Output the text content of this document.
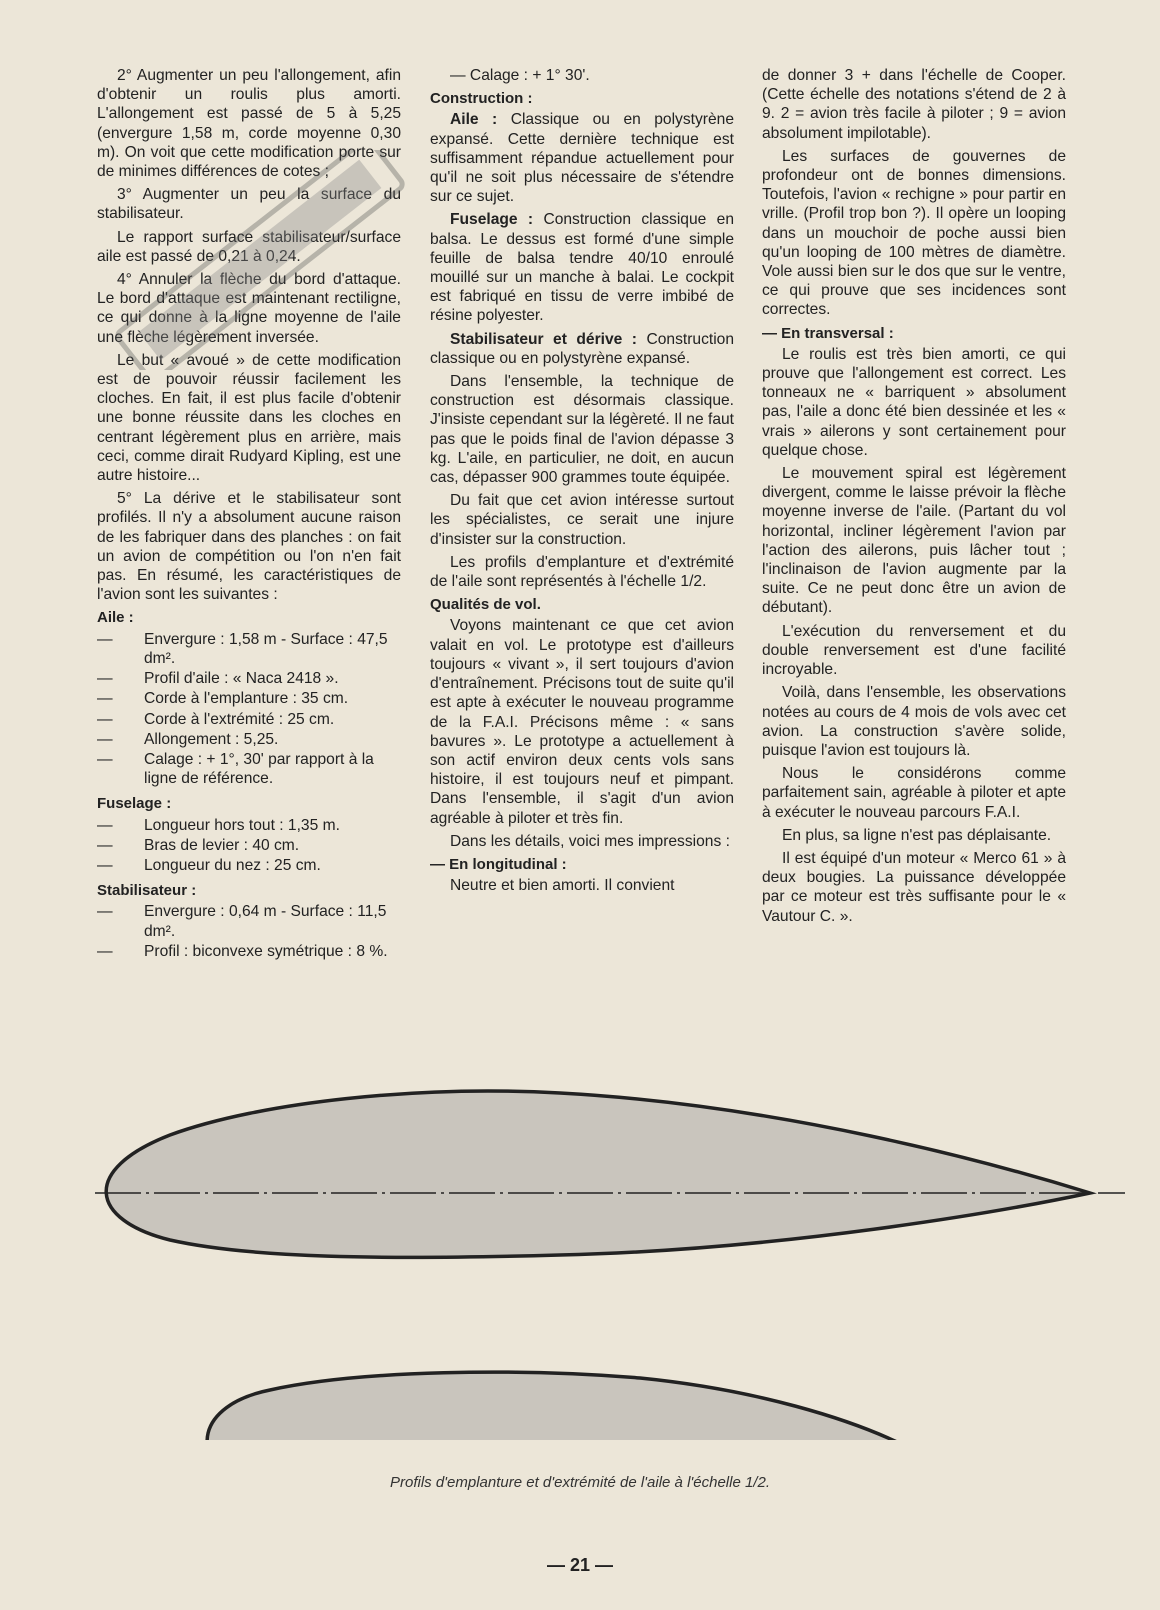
2° Augmenter un peu l'allongement, afin d'obtenir un roulis plus amorti. L'allongement est passé de 5 à 5,25 (envergure 1,58 m, corde moyenne 0,30 m). On voit que cette modification porte sur de minimes différences de cotes ;

3° Augmenter un peu la surface du stabilisateur.

Le rapport surface stabilisateur/surface aile est passé de 0,21 à 0,24.

4° Annuler la flèche du bord d'attaque. Le bord d'attaque est maintenant rectiligne, ce qui donne à la ligne moyenne de l'aile une flèche légèrement inversée.

Le but « avoué » de cette modification est de pouvoir réussir facilement les cloches. En fait, il est plus facile d'obtenir une bonne réussite dans les cloches en centrant légèrement plus en arrière, mais ceci, comme dirait Rudyard Kipling, est une autre histoire...

5° La dérive et le stabilisateur sont profilés. Il n'y a absolument aucune raison de les fabriquer dans des planches : on fait un avion de compétition ou l'on n'en fait pas. En résumé, les caractéristiques de l'avion sont les suivantes :

Aile :
— Envergure : 1,58 m - Surface : 47,5 dm².
— Profil d'aile : « Naca 2418 ».
— Corde à l'emplanture : 35 cm.
— Corde à l'extrémité : 25 cm.
— Allongement : 5,25.
— Calage : + 1°, 30' par rapport à la ligne de référence.
Fuselage :
— Longueur hors tout : 1,35 m.
— Bras de levier : 40 cm.
— Longueur du nez : 25 cm.
Stabilisateur :
— Envergure : 0,64 m - Surface : 11,5 dm².
— Profil : biconvexe symétrique : 8 %.

— Calage : + 1° 30'.

Construction :

Aile : Classique ou en polystyrène expansé. Cette dernière technique est suffisamment répandue actuellement pour qu'il ne soit plus nécessaire de s'étendre sur ce sujet.

Fuselage : Construction classique en balsa. Le dessus est formé d'une simple feuille de balsa tendre 40/10 enroulé mouillé sur un manche à balai. Le cockpit est fabriqué en tissu de verre imbibé de résine polyester.

Stabilisateur et dérive : Construction classique ou en polystyrène expansé.

Dans l'ensemble, la technique de construction est désormais classique. J'insiste cependant sur la légèreté. Il ne faut pas que le poids final de l'avion dépasse 3 kg. L'aile, en particulier, ne doit, en aucun cas, dépasser 900 grammes toute équipée.

Du fait que cet avion intéresse surtout les spécialistes, ce serait une injure d'insister sur la construction.

Les profils d'emplanture et d'extrémité de l'aile sont représentés à l'échelle 1/2.

Qualités de vol.

Voyons maintenant ce que cet avion valait en vol. Le prototype est d'ailleurs toujours « vivant », il sert toujours d'avion d'entraînement. Précisons tout de suite qu'il est apte à exécuter le nouveau programme de la F.A.I. Précisons même : « sans bavures ». Le prototype a actuellement à son actif environ deux cents vols sans histoire, il est toujours neuf et pimpant. Dans l'ensemble, il s'agit d'un avion agréable à piloter et très fin.

Dans les détails, voici mes impressions :

— En longitudinal :

Neutre et bien amorti. Il convient

de donner 3 + dans l'échelle de Cooper. (Cette échelle des notations s'étend de 2 à 9. 2 = avion très facile à piloter ; 9 = avion absolument impilotable).

Les surfaces de gouvernes de profondeur ont de bonnes dimensions. Toutefois, l'avion « rechigne » pour partir en vrille. (Profil trop bon ?). Il opère un looping dans un mouchoir de poche aussi bien qu'un looping de 100 mètres de diamètre. Vole aussi bien sur le dos que sur le ventre, ce qui prouve que ses incidences sont correctes.

— En transversal :

Le roulis est très bien amorti, ce qui prouve que l'allongement est correct. Les tonneaux ne « barriquent » absolument pas, l'aile a donc été bien dessinée et les « vrais » ailerons y sont certainement pour quelque chose.

Le mouvement spiral est légèrement divergent, comme le laisse prévoir la flèche moyenne inverse de l'aile. (Partant du vol horizontal, incliner légèrement l'avion par l'action des ailerons, puis lâcher tout ; l'inclinaison de l'avion augmente par la suite. Ce ne peut donc être un avion de débutant).

L'exécution du renversement et du double renversement est d'une facilité incroyable.

Voilà, dans l'ensemble, les observations notées au cours de 4 mois de vols avec cet avion. La construction s'avère solide, puisque l'avion est toujours là.

Nous le considérons comme parfaitement sain, agréable à piloter et apte à exécuter le nouveau parcours F.A.I.

En plus, sa ligne n'est pas déplaisante.

Il est équipé d'un moteur « Merco 61 » à deux bougies. La puissance développée par ce moteur est très suffisante pour le « Vautour C. ».

Profils d'emplanture et d'extrémité de l'aile à l'échelle 1/2.
— 21 —
